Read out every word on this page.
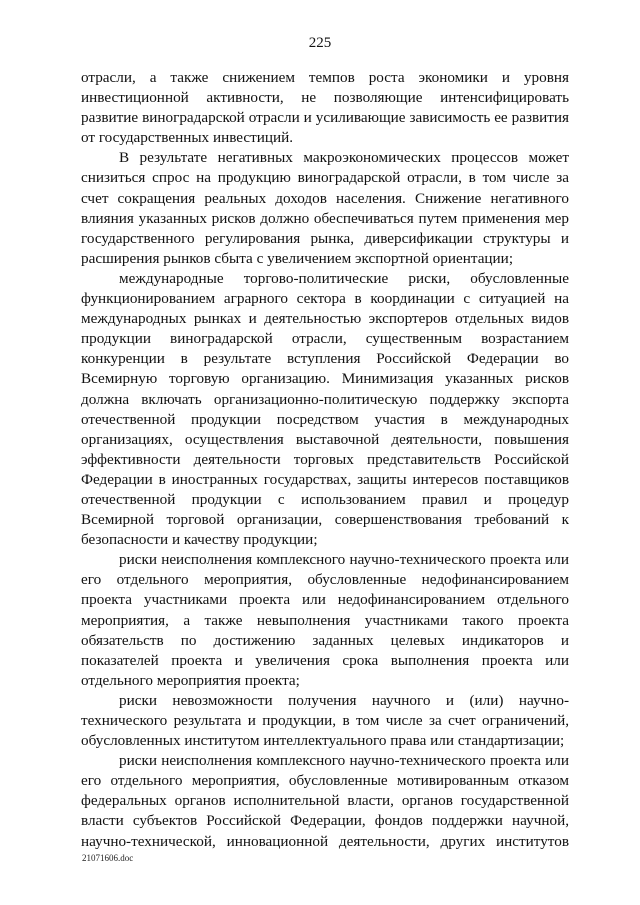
225

отрасли, а также снижением темпов роста экономики и уровня инвестиционной активности, не позволяющие интенсифицировать развитие виноградарской отрасли и усиливающие зависимость ее развития от государственных инвестиций.

В результате негативных макроэкономических процессов может снизиться спрос на продукцию виноградарской отрасли, в том числе за счет сокращения реальных доходов населения. Снижение негативного влияния указанных рисков должно обеспечиваться путем применения мер государственного регулирования рынка, диверсификации структуры и расширения рынков сбыта с увеличением экспортной ориентации;

международные торгово-политические риски, обусловленные функционированием аграрного сектора в координации с ситуацией на международных рынках и деятельностью экспортеров отдельных видов продукции виноградарской отрасли, существенным возрастанием конкуренции в результате вступления Российской Федерации во Всемирную торговую организацию. Минимизация указанных рисков должна включать организационно-политическую поддержку экспорта отечественной продукции посредством участия в международных организациях, осуществления выставочной деятельности, повышения эффективности деятельности торговых представительств Российской Федерации в иностранных государствах, защиты интересов поставщиков отечественной продукции с использованием правил и процедур Всемирной торговой организации, совершенствования требований к безопасности и качеству продукции;

риски неисполнения комплексного научно-технического проекта или его отдельного мероприятия, обусловленные недофинансированием проекта участниками проекта или недофинансированием отдельного мероприятия, а также невыполнения участниками такого проекта обязательств по достижению заданных целевых индикаторов и показателей проекта и увеличения срока выполнения проекта или отдельного мероприятия проекта;

риски невозможности получения научного и (или) научно-технического результата и продукции, в том числе за счет ограничений, обусловленных институтом интеллектуального права или стандартизации;

риски неисполнения комплексного научно-технического проекта или его отдельного мероприятия, обусловленные мотивированным отказом федеральных органов исполнительной власти, органов государственной власти субъектов Российской Федерации, фондов поддержки научной, научно-технической, инновационной деятельности, других институтов

21071606.doc
